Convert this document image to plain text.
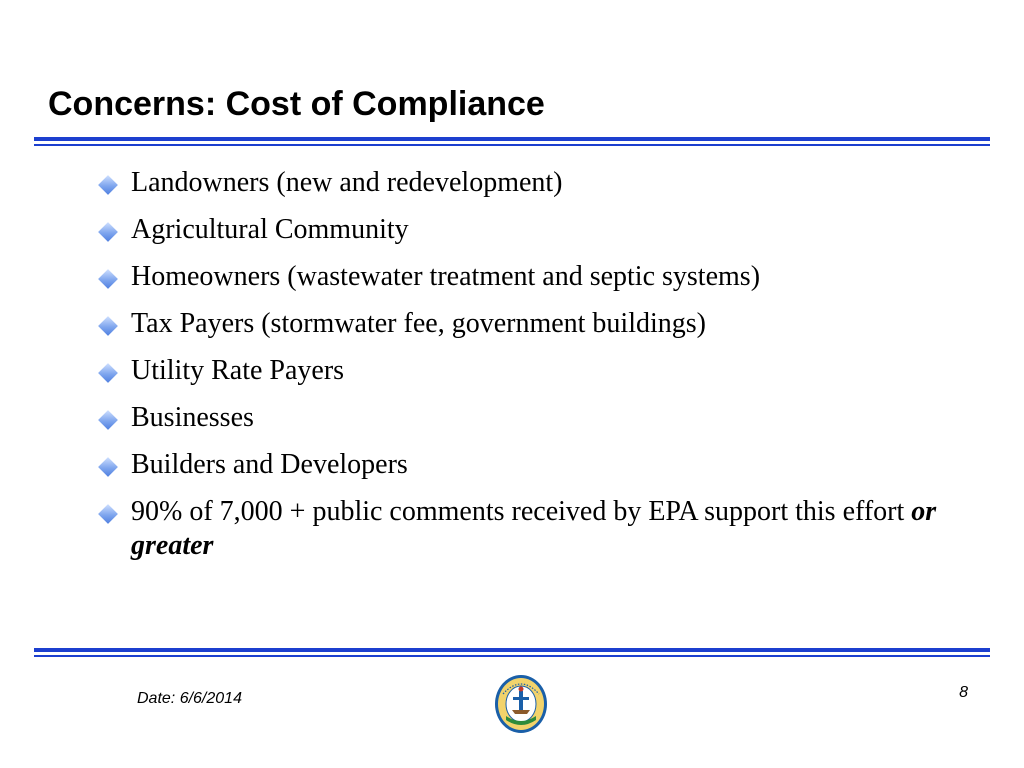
Concerns: Cost of Compliance
Landowners (new and redevelopment)
Agricultural Community
Homeowners (wastewater treatment and septic systems)
Tax Payers (stormwater fee, government buildings)
Utility Rate Payers
Businesses
Builders and Developers
90% of 7,000 + public comments received by EPA support this effort or greater
Date: 6/6/2014	8
